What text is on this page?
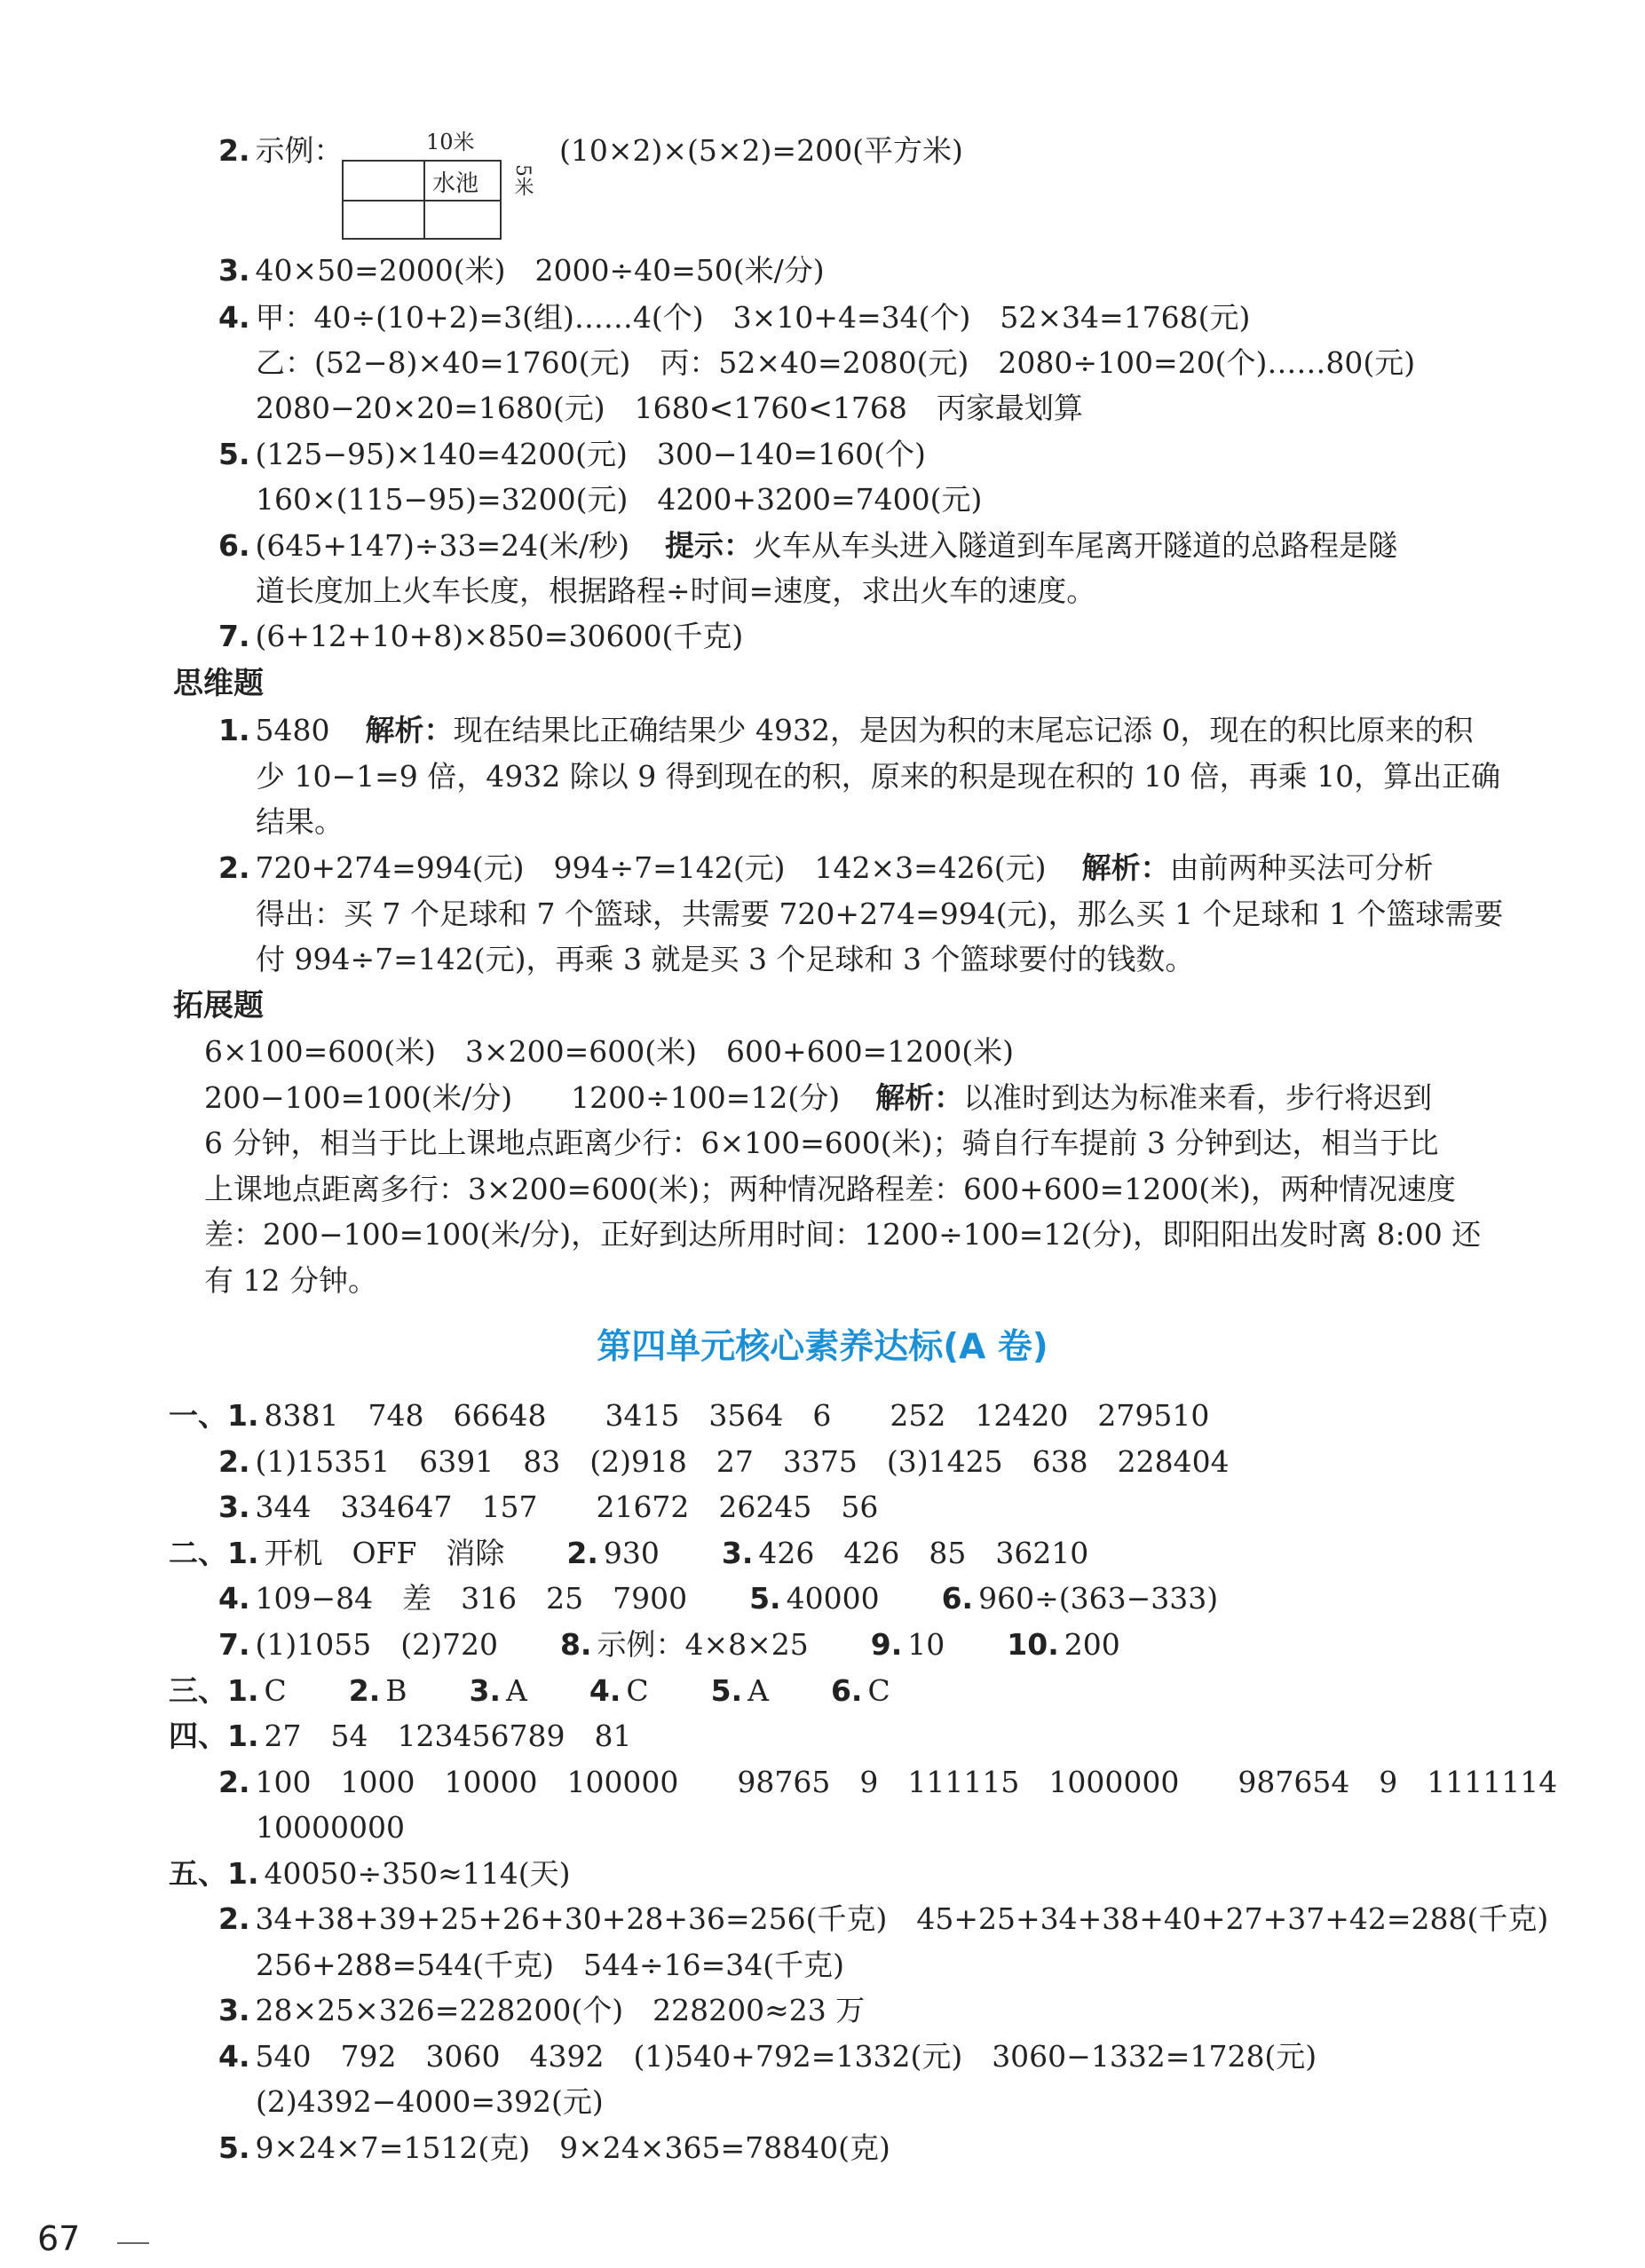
2. 示例：	10米
水池 5米
(10×2)×(5×2)=200(平方米)
3. 40×50=2000(米)　2000÷40=50(米/分)
4. 甲：40÷(10+2)=3(组)……4(个)　3×10+4=34(个)　52×34=1768(元)
乙：(52−8)×40=1760(元)　丙：52×40=2080(元)　2080÷100=20(个)……80(元)
2080−20×20=1680(元)　1680<1760<1768　丙家最划算
5. (125−95)×140=4200(元)　300−140=160(个)
160×(115−95)=3200(元)　4200+3200=7400(元)
6. (645+147)÷33=24(米/秒) 提示：火车从车头进入隧道到车尾离开隧道的总路程是隧
道长度加上火车长度，根据路程÷时间=速度，求出火车的速度。
7. (6+12+10+8)×850=30600(千克)
思维题
1. 5480 解析：现在结果比正确结果少 4932，是因为积的末尾忘记添 0，现在的积比原来的积
少 10−1=9 倍，4932 除以 9 得到现在的积，原来的积是现在积的 10 倍，再乘 10，算出正确
结果。
2. 720+274=994(元)　994÷7=142(元)　142×3=426(元) 解析：由前两种买法可分析
得出：买 7 个足球和 7 个篮球，共需要 720+274=994(元)，那么买 1 个足球和 1 个篮球需要
付 994÷7=142(元)，再乘 3 就是买 3 个足球和 3 个篮球要付的钱数。
拓展题
6×100=600(米)　3×200=600(米)　600+600=1200(米)
200−100=100(米/分)　　1200÷100=12(分) 解析：以准时到达为标准来看，步行将迟到
6 分钟，相当于比上课地点距离少行：6×100=600(米)；骑自行车提前 3 分钟到达，相当于比
上课地点距离多行：3×200=600(米)；两种情况路程差：600+600=1200(米)，两种情况速度
差：200−100=100(米/分)，正好到达所用时间：1200÷100=12(分)，即阳阳出发时离 8:00 还
有 12 分钟。
第四单元核心素养达标(A 卷)
一、1. 8381　748　66648　　3415　3564　6　　252　12420　279510
2. (1)15351　6391　83　(2)918　27　3375　(3)1425　638　228404
3. 344　334647　157　　21672　26245　56
二、1. 开机　OFF　消除 2. 930 3. 426　426　85　36210
4. 109−84　差　316　25　7900 5. 40000 6. 960÷(363−333)
7. (1)1055　(2)720 8. 示例：4×8×25 9. 10 10. 200
三、1. C 2. B 3. A 4. C 5. A 6. C
四、1. 27　54　123456789　81
2. 100　1000　10000　100000　　98765　9　111115　1000000　　987654　9　1111114
10000000
五、1. 40050÷350≈114(天)
2. 34+38+39+25+26+30+28+36=256(千克)　45+25+34+38+40+27+37+42=288(千克)
256+288=544(千克)　544÷16=34(千克)
3. 28×25×326=228200(个)　228200≈23 万
4. 540　792　3060　4392　(1)540+792=1332(元)　3060−1332=1728(元)
(2)4392−4000=392(元)
5. 9×24×7=1512(克)　9×24×365=78840(克)
67
